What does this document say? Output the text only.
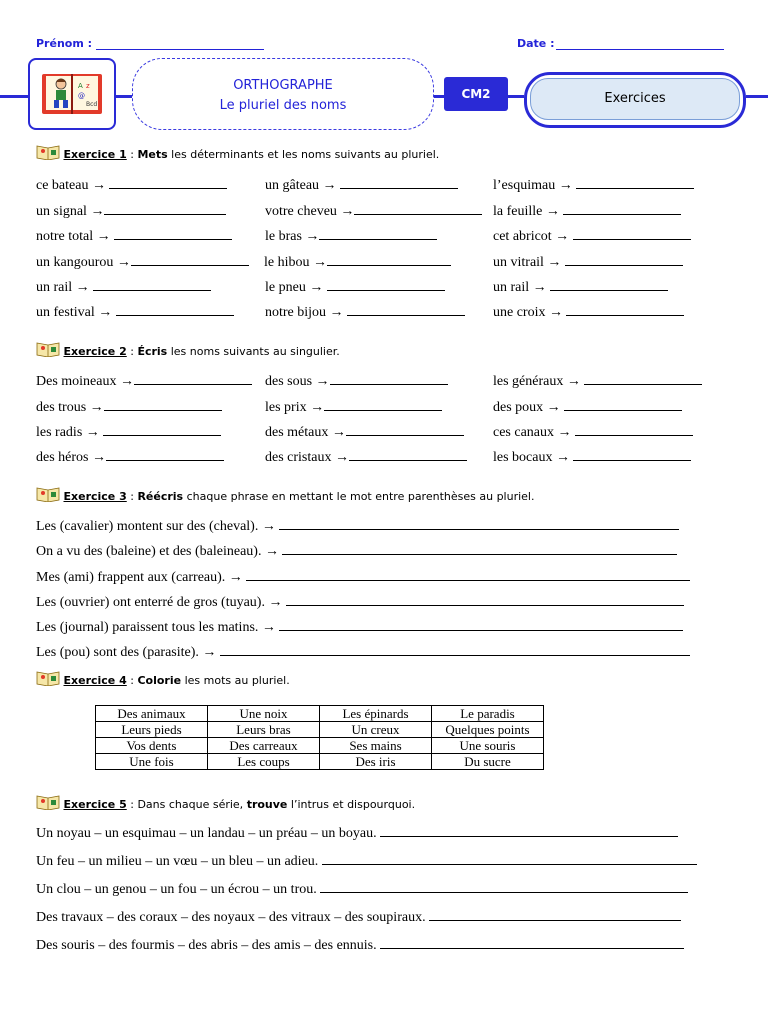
Prénom :	Date :
A z
@
Bcd
ORTHOGRAPHE
Le pluriel des noms
CM2	Exercices
Exercice 1 : Mets les déterminants et les noms suivants au pluriel.
Exercice 2 : Écris les noms suivants au singulier.
Exercice 3 : Réécris chaque phrase en mettant le mot entre parenthèses au pluriel.
Exercice 4 : Colorie les mots au pluriel.
Exercice 5 : Dans chaque série, trouve l’intrus et dispourquoi.
ce bateau →	un gâteau →	l’esquimau →
un signal →	votre cheveu →	la feuille →
notre total →	le bras →	cet abricot →
un kangourou →	le hibou →	un vitrail →
un rail →	le pneu →	un rail →
un festival →	notre bijou →	une croix →
Des moineaux →	des sous →	les généraux →
des trous →	les prix →	des poux →
les radis →	des métaux →	ces canaux →
des héros →	des cristaux →	les bocaux →
Les (cavalier) montent sur des (cheval). →
On a vu des (baleine) et des (baleineau). →
Mes (ami) frappent aux (carreau). →
Les (ouvrier) ont enterré de gros (tuyau). →
Les (journal) paraissent tous les matins. →
Les (pou) sont des (parasite). →
Des animaux	Une noix	Les épinards	Le paradis
Leurs pieds	Leurs bras	Un creux	Quelques points
Vos dents	Des carreaux	Ses mains	Une souris
Une fois	Les coups	Des iris	Du sucre
Un noyau – un esquimau – un landau – un préau – un boyau.
Un feu – un milieu – un vœu – un bleu – un adieu.
Un clou – un genou – un fou – un écrou – un trou.
Des travaux – des coraux – des noyaux – des vitraux – des soupiraux.
Des souris – des fourmis – des abris – des amis – des ennuis.
